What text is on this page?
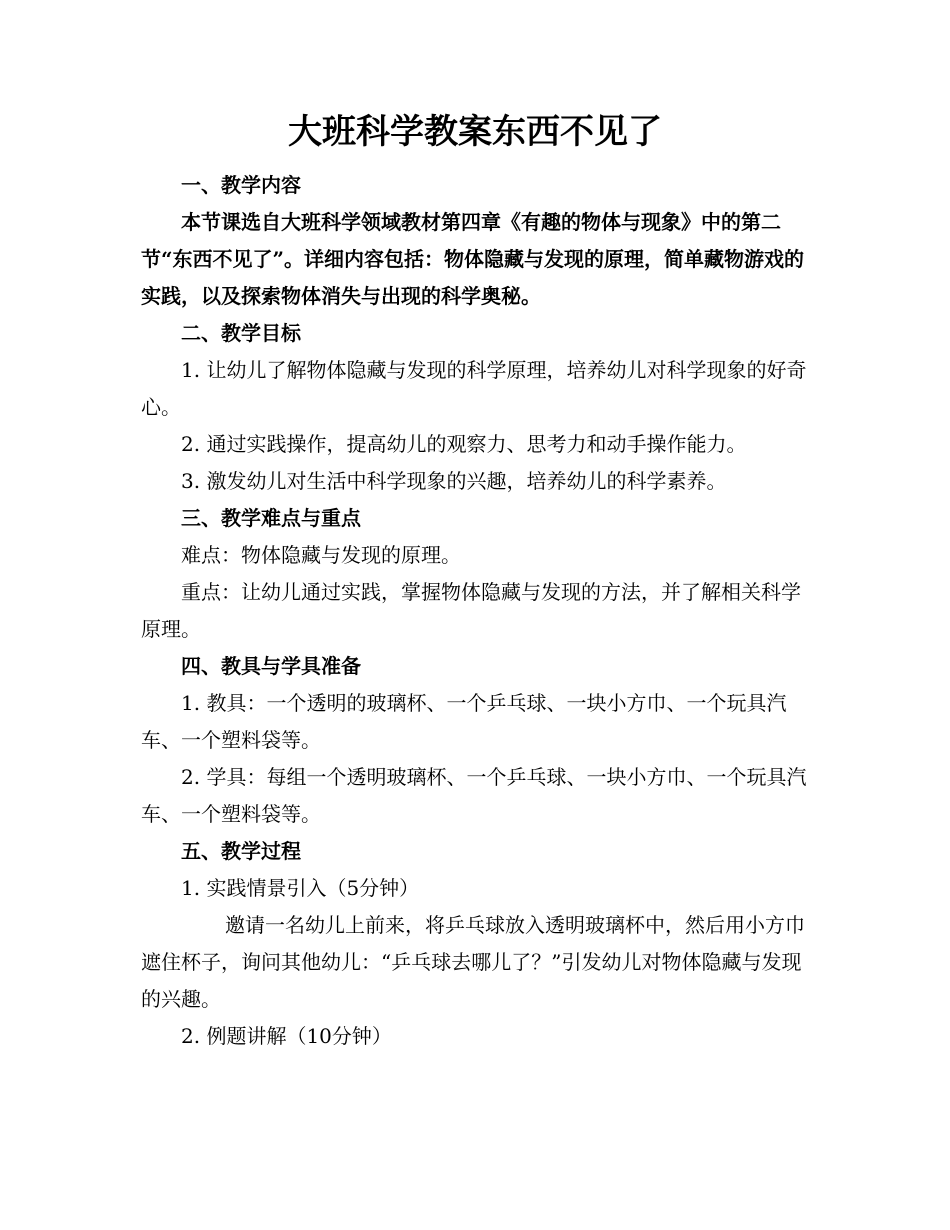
大班科学教案东西不见了

一、教学内容

本节课选自大班科学领域教材第四章《有趣的物体与现象》中的第二节“东西不见了”。详细内容包括：物体隐藏与发现的原理，简单藏物游戏的实践，以及探索物体消失与出现的科学奥秘。

二、教学目标

1. 让幼儿了解物体隐藏与发现的科学原理，培养幼儿对科学现象的好奇心。

2. 通过实践操作，提高幼儿的观察力、思考力和动手操作能力。

3. 激发幼儿对生活中科学现象的兴趣，培养幼儿的科学素养。

三、教学难点与重点

难点：物体隐藏与发现的原理。

重点：让幼儿通过实践，掌握物体隐藏与发现的方法，并了解相关科学原理。

四、教具与学具准备

1. 教具：一个透明的玻璃杯、一个乒乓球、一块小方巾、一个玩具汽车、一个塑料袋等。

2. 学具：每组一个透明玻璃杯、一个乒乓球、一块小方巾、一个玩具汽车、一个塑料袋等。

五、教学过程

1. 实践情景引入（5分钟）

邀请一名幼儿上前来，将乒乓球放入透明玻璃杯中，然后用小方巾遮住杯子，询问其他幼儿：“乒乓球去哪儿了？”引发幼儿对物体隐藏与发现的兴趣。

2. 例题讲解（10分钟）
